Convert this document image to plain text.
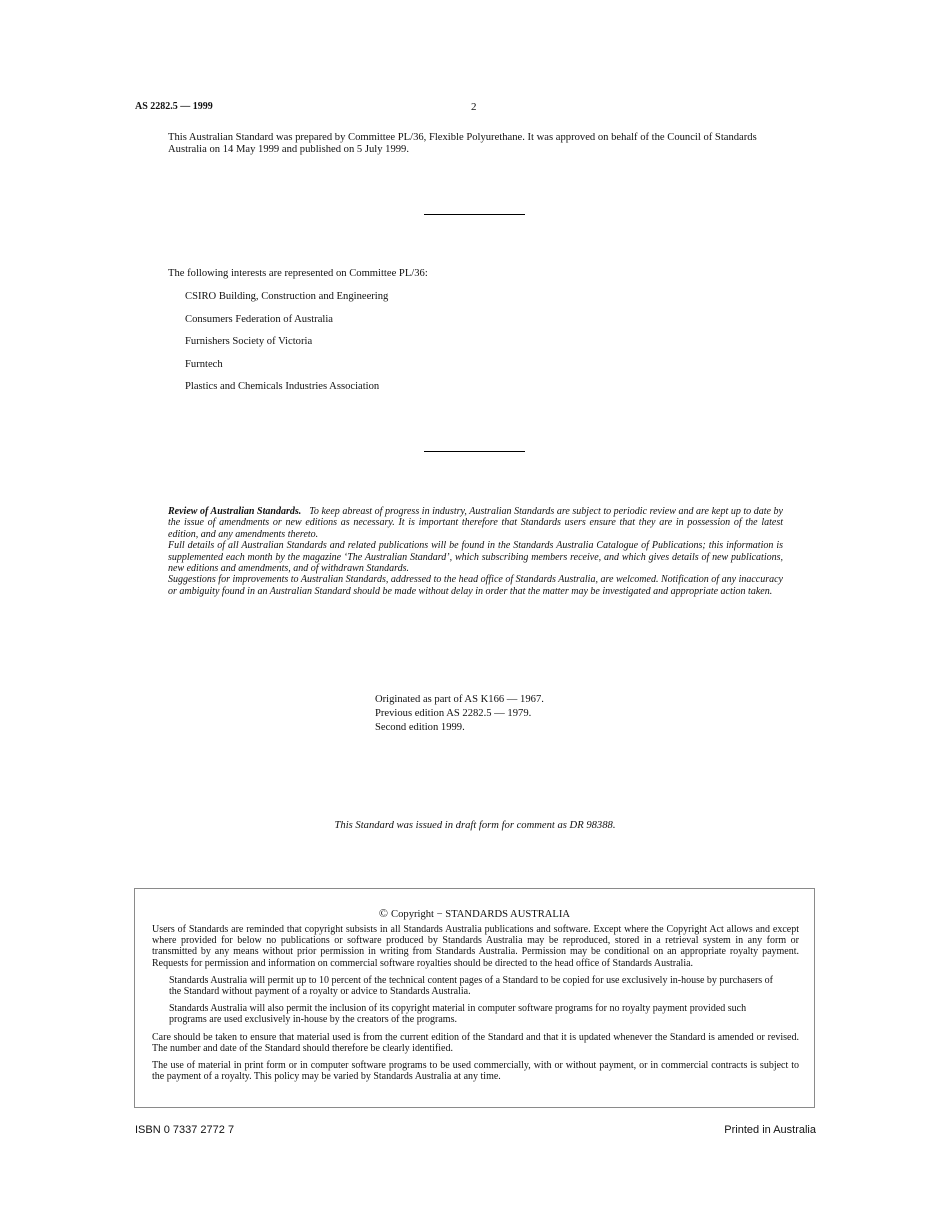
AS 2282.5 — 1999	2
This Australian Standard was prepared by Committee PL/36, Flexible Polyurethane. It was approved on behalf of the Council of Standards Australia on 14 May 1999 and published on 5 July 1999.
The following interests are represented on Committee PL/36:
CSIRO Building, Construction and Engineering
Consumers Federation of Australia
Furnishers Society of Victoria
Furntech
Plastics and Chemicals Industries Association

Review of Australian Standards. To keep abreast of progress in industry, Australian Standards are subject to periodic review and are kept up to date by the issue of amendments or new editions as necessary. It is important therefore that Standards users ensure that they are in possession of the latest edition, and any amendments thereto.

Full details of all Australian Standards and related publications will be found in the Standards Australia Catalogue of Publications; this information is supplemented each month by the magazine ‘The Australian Standard’, which subscribing members receive, and which gives details of new publications, new editions and amendments, and of withdrawn Standards.

Suggestions for improvements to Australian Standards, addressed to the head office of Standards Australia, are welcomed. Notification of any inaccuracy or ambiguity found in an Australian Standard should be made without delay in order that the matter may be investigated and appropriate action taken.

Originated as part of AS K166 — 1967.
Previous edition AS 2282.5 — 1979.
Second edition 1999.
This Standard was issued in draft form for comment as DR 98388.
© Copyright − STANDARDS AUSTRALIA

Users of Standards are reminded that copyright subsists in all Standards Australia publications and software. Except where the Copyright Act allows and except where provided for below no publications or software produced by Standards Australia may be reproduced, stored in a retrieval system in any form or transmitted by any means without prior permission in writing from Standards Australia. Permission may be conditional on an appropriate royalty payment. Requests for permission and information on commercial software royalties should be directed to the head office of Standards Australia.

Standards Australia will permit up to 10 percent of the technical content pages of a Standard to be copied for use exclusively in-house by purchasers of the Standard without payment of a royalty or advice to Standards Australia.

Standards Australia will also permit the inclusion of its copyright material in computer software programs for no royalty payment provided such programs are used exclusively in-house by the creators of the programs.

Care should be taken to ensure that material used is from the current edition of the Standard and that it is updated whenever the Standard is amended or revised. The number and date of the Standard should therefore be clearly identified.

The use of material in print form or in computer software programs to be used commercially, with or without payment, or in commercial contracts is subject to the payment of a royalty. This policy may be varied by Standards Australia at any time.

ISBN 0 7337 2772 7	Printed in Australia
